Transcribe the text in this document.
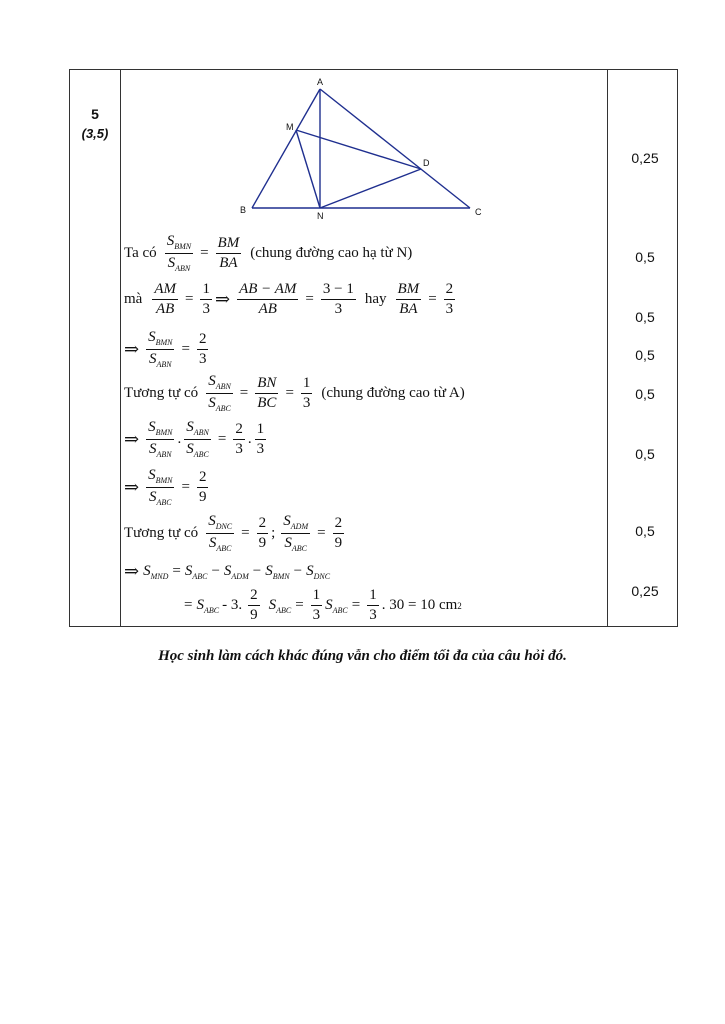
5
(3,5)
0,25
0,5
0,5
0,5
0,5
0,5
0,5
0,25
A
B	C
M
N
D
Ta có $\frac{S_{BMN}}{S_{ABN}} = \frac{BM}{BA}$ (chung đường cao hạ từ N)
mà $\frac{AM}{AB} = \frac{1}{3}$ ⇒ $\frac{AB - AM}{AB} = \frac{3 - 1}{3}$ hay $\frac{BM}{BA} = \frac{2}{3}$
⇒ $\frac{S_{BMN}}{S_{ABN}} = \frac{2}{3}$
Tương tự có $\frac{S_{ABN}}{S_{ABC}} = \frac{BN}{BC} = \frac{1}{3}$ (chung đường cao từ A)
⇒ $\frac{S_{BMN}}{S_{ABN}}$ . $\frac{S_{ABN}}{S_{ABC}} = \frac{2}{3}$ . $\frac{1}{3}$
⇒ $\frac{S_{BMN}}{S_{ABC}} = \frac{2}{9}$
Tương tự có $\frac{S_{DNC}}{S_{ABC}} = \frac{2}{9}$ ; $\frac{S_{ADM}}{S_{ABC}} = \frac{2}{9}$
⇒ $S_{MND} = S_{ABC} - S_{ADM} - S_{BMN} - S_{DNC}$
= $S_{ABC} - 3$. $\frac{2}{9} S_{ABC} = \frac{1}{3} S_{ABC} = \frac{1}{3}$ . 30 = 10 cm 2
Học sinh làm cách khác đúng vẫn cho điểm tối đa của câu hỏi đó.
